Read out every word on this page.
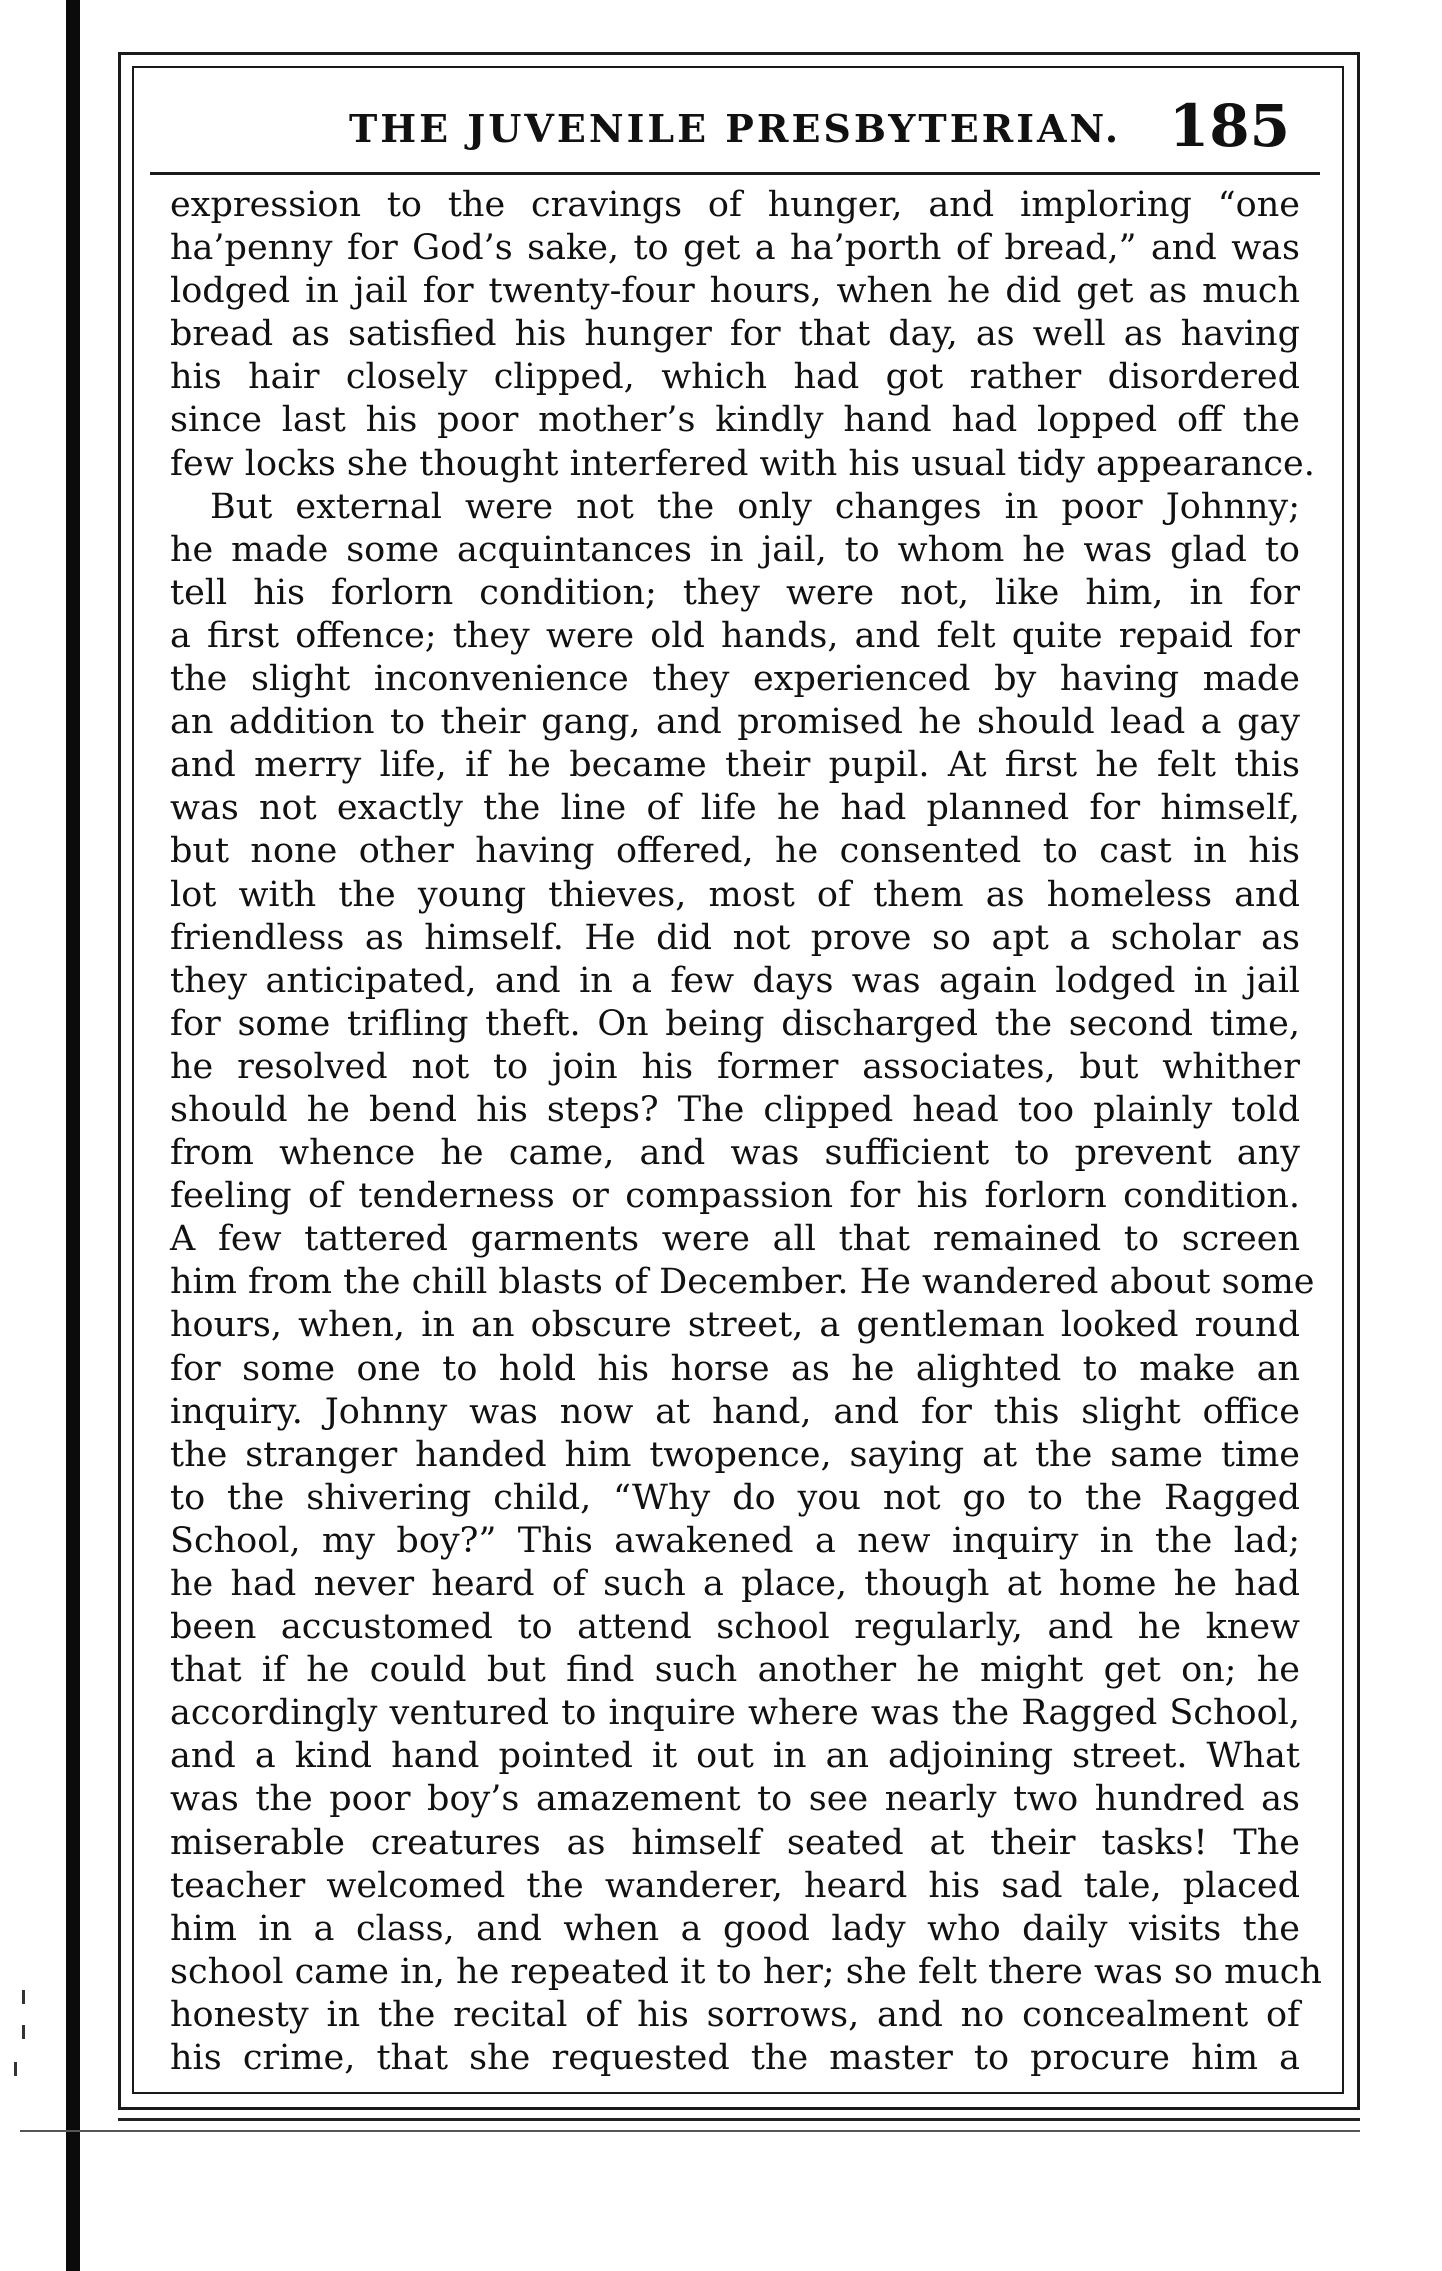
THE JUVENILE PRESBYTERIAN. 185
expression to the cravings of hunger, and imploring “one
ha’penny for God’s sake, to get a ha’porth of bread,” and was
lodged in jail for twenty-four hours, when he did get as much
bread as satisfied his hunger for that day, as well as having
his hair closely clipped, which had got rather disordered
since last his poor mother’s kindly hand had lopped off the
few locks she thought interfered with his usual tidy appearance.
But external were not the only changes in poor Johnny;
he made some acquintances in jail, to whom he was glad to
tell his forlorn condition; they were not, like him, in for
a first offence; they were old hands, and felt quite repaid for
the slight inconvenience they experienced by having made
an addition to their gang, and promised he should lead a gay
and merry life, if he became their pupil. At first he felt this
was not exactly the line of life he had planned for himself,
but none other having offered, he consented to cast in his
lot with the young thieves, most of them as homeless and
friendless as himself. He did not prove so apt a scholar as
they anticipated, and in a few days was again lodged in jail
for some trifling theft. On being discharged the second time,
he resolved not to join his former associates, but whither
should he bend his steps? The clipped head too plainly told
from whence he came, and was sufficient to prevent any
feeling of tenderness or compassion for his forlorn condition.
A few tattered garments were all that remained to screen
him from the chill blasts of December. He wandered about some
hours, when, in an obscure street, a gentleman looked round
for some one to hold his horse as he alighted to make an
inquiry. Johnny was now at hand, and for this slight office
the stranger handed him twopence, saying at the same time
to the shivering child, “Why do you not go to the Ragged
School, my boy?” This awakened a new inquiry in the lad;
he had never heard of such a place, though at home he had
been accustomed to attend school regularly, and he knew
that if he could but find such another he might get on; he
accordingly ventured to inquire where was the Ragged School,
and a kind hand pointed it out in an adjoining street. What
was the poor boy’s amazement to see nearly two hundred as
miserable creatures as himself seated at their tasks! The
teacher welcomed the wanderer, heard his sad tale, placed
him in a class, and when a good lady who daily visits the
school came in, he repeated it to her; she felt there was so much
honesty in the recital of his sorrows, and no concealment of
his crime, that she requested the master to procure him a
